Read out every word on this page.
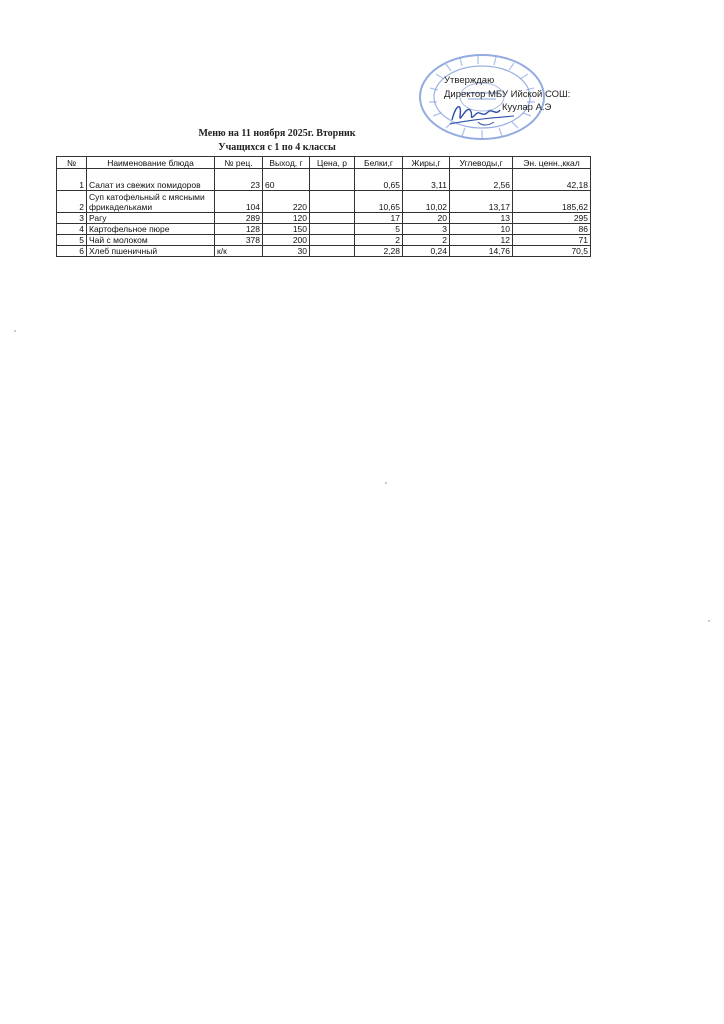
Утверждаю
Директор МБУ Ийской СОШ:
Куулар А.Э
Меню на 11 ноября 2025г. Вторник
Учащихся с 1 по 4 классы
№	Наименование блюда	№ рец.	Выход, г	Цена, р	Белки,г	Жиры,г	Углеводы,г	Эн. ценн.,ккал
1	Салат из свежих помидоров	23	60		0,65	3,11	2,56	42,18
2	Суп катофельный с мясными фрикадельками	104	220		10,65	10,02	13,17	185,62
3	Рагу	289	120		17	20	13	295
4	Картофельное пюре	128	150		5	3	10	86
5	Чай с молоком	378	200		2	2	12	71
6	Хлеб пшеничный	к/к	30		2,28	0,24	14,76	70,5
